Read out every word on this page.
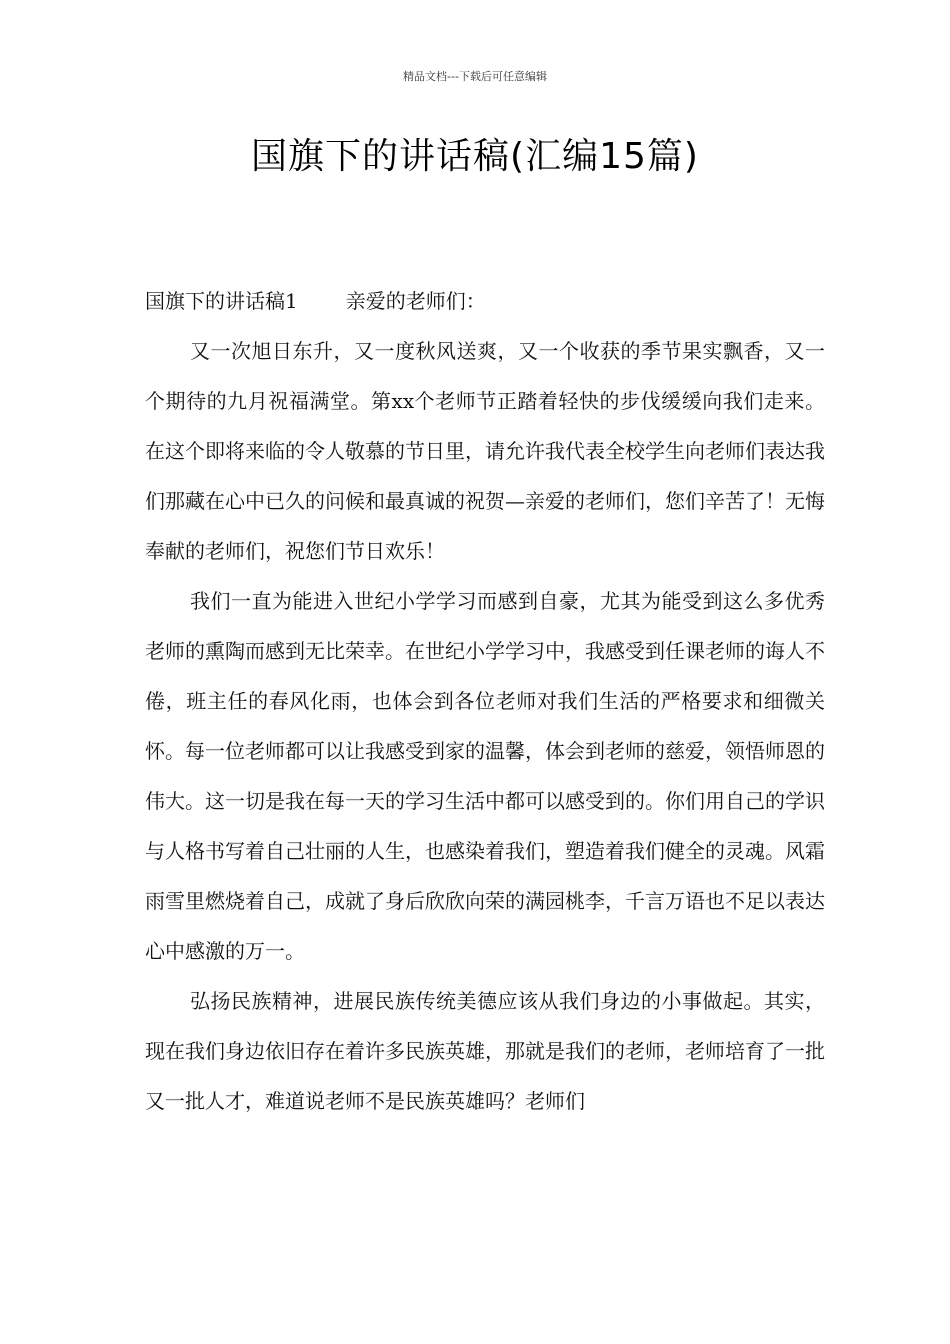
精品文档---下载后可任意编辑
国旗下的讲话稿(汇编15篇)
国旗下的讲话稿1 亲爱的老师们：

又一次旭日东升，又一度秋风送爽，又一个收获的季节果实飘香，又一个期待的九月祝福满堂。第xx个老师节正踏着轻快的步伐缓缓向我们走来。在这个即将来临的令人敬慕的节日里，请允许我代表全校学生向老师们表达我们那藏在心中已久的问候和最真诚的祝贺—亲爱的老师们，您们辛苦了！无悔奉献的老师们，祝您们节日欢乐！

我们一直为能进入世纪小学学习而感到自豪，尤其为能受到这么多优秀老师的熏陶而感到无比荣幸。在世纪小学学习中，我感受到任课老师的诲人不倦，班主任的春风化雨，也体会到各位老师对我们生活的严格要求和细微关怀。每一位老师都可以让我感受到家的温馨，体会到老师的慈爱，领悟师恩的伟大。这一切是我在每一天的学习生活中都可以感受到的。你们用自己的学识与人格书写着自己壮丽的人生，也感染着我们，塑造着我们健全的灵魂。风霜雨雪里燃烧着自己，成就了身后欣欣向荣的满园桃李，千言万语也不足以表达心中感激的万一。

弘扬民族精神，进展民族传统美德应该从我们身边的小事做起。其实，现在我们身边依旧存在着许多民族英雄，那就是我们的老师，老师培育了一批又一批人才，难道说老师不是民族英雄吗？老师们
